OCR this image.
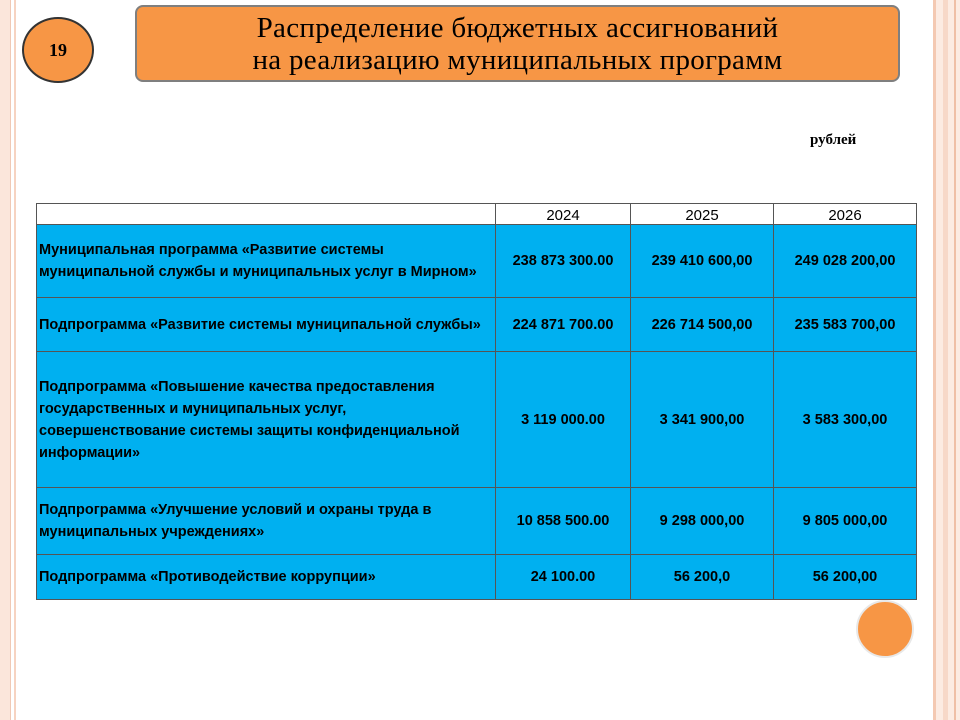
19
Распределение бюджетных ассигнований
на реализацию муниципальных программ
рублей
	2024	2025	2026
Муниципальная программа «Развитие системы муниципальной службы и муниципальных услуг в Мирном»	238 873 300.00	239 410 600,00	249 028 200,00
Подпрограмма «Развитие системы муниципальной службы»	224 871 700.00	226 714 500,00	235 583 700,00
Подпрограмма «Повышение качества предоставления государственных и муниципальных услуг, совершенствование системы защиты конфиденциальной информации»	3 119 000.00	3 341 900,00	3 583 300,00
Подпрограмма «Улучшение условий и охраны труда в муниципальных учреждениях»	10 858 500.00	9 298 000,00	9 805 000,00
Подпрограмма «Противодействие коррупции»	24 100.00	56 200,0	56 200,00
